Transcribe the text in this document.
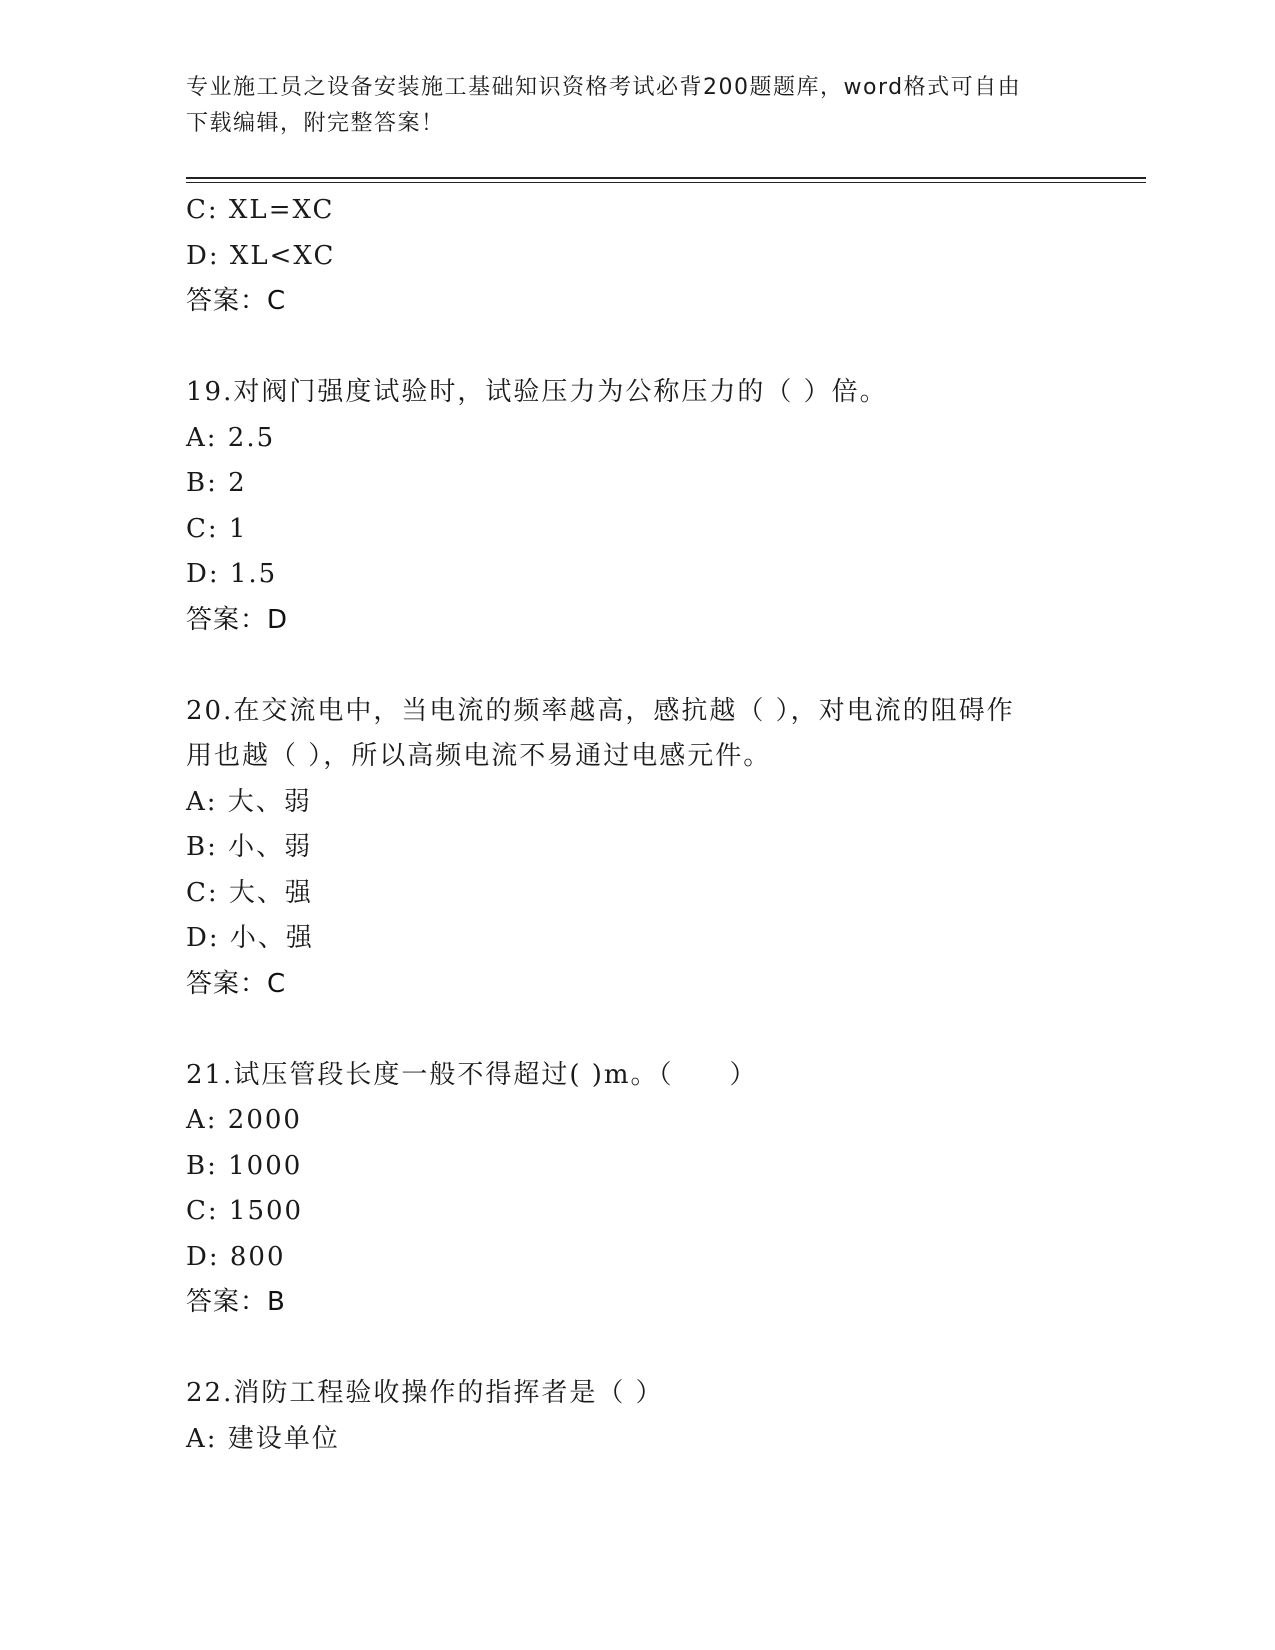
专业施工员之设备安装施工基础知识资格考试必背200题题库，word格式可自由
下载编辑，附完整答案！
C: XL=XC
D: XL<XC
答案：C
19.对阀门强度试验时，试验压力为公称压力的（ ）倍。
A: 2.5
B: 2
C: 1
D: 1.5
答案：D
20.在交流电中，当电流的频率越高，感抗越（ ），对电流的阻碍作
用也越（ ），所以高频电流不易通过电感元件。
A: 大、弱
B: 小、弱
C: 大、强
D: 小、强
答案：C
21.试压管段长度一般不得超过( )m。（　　）
A: 2000
B: 1000
C: 1500
D: 800
答案：B
22.消防工程验收操作的指挥者是（ ）
A: 建设单位
